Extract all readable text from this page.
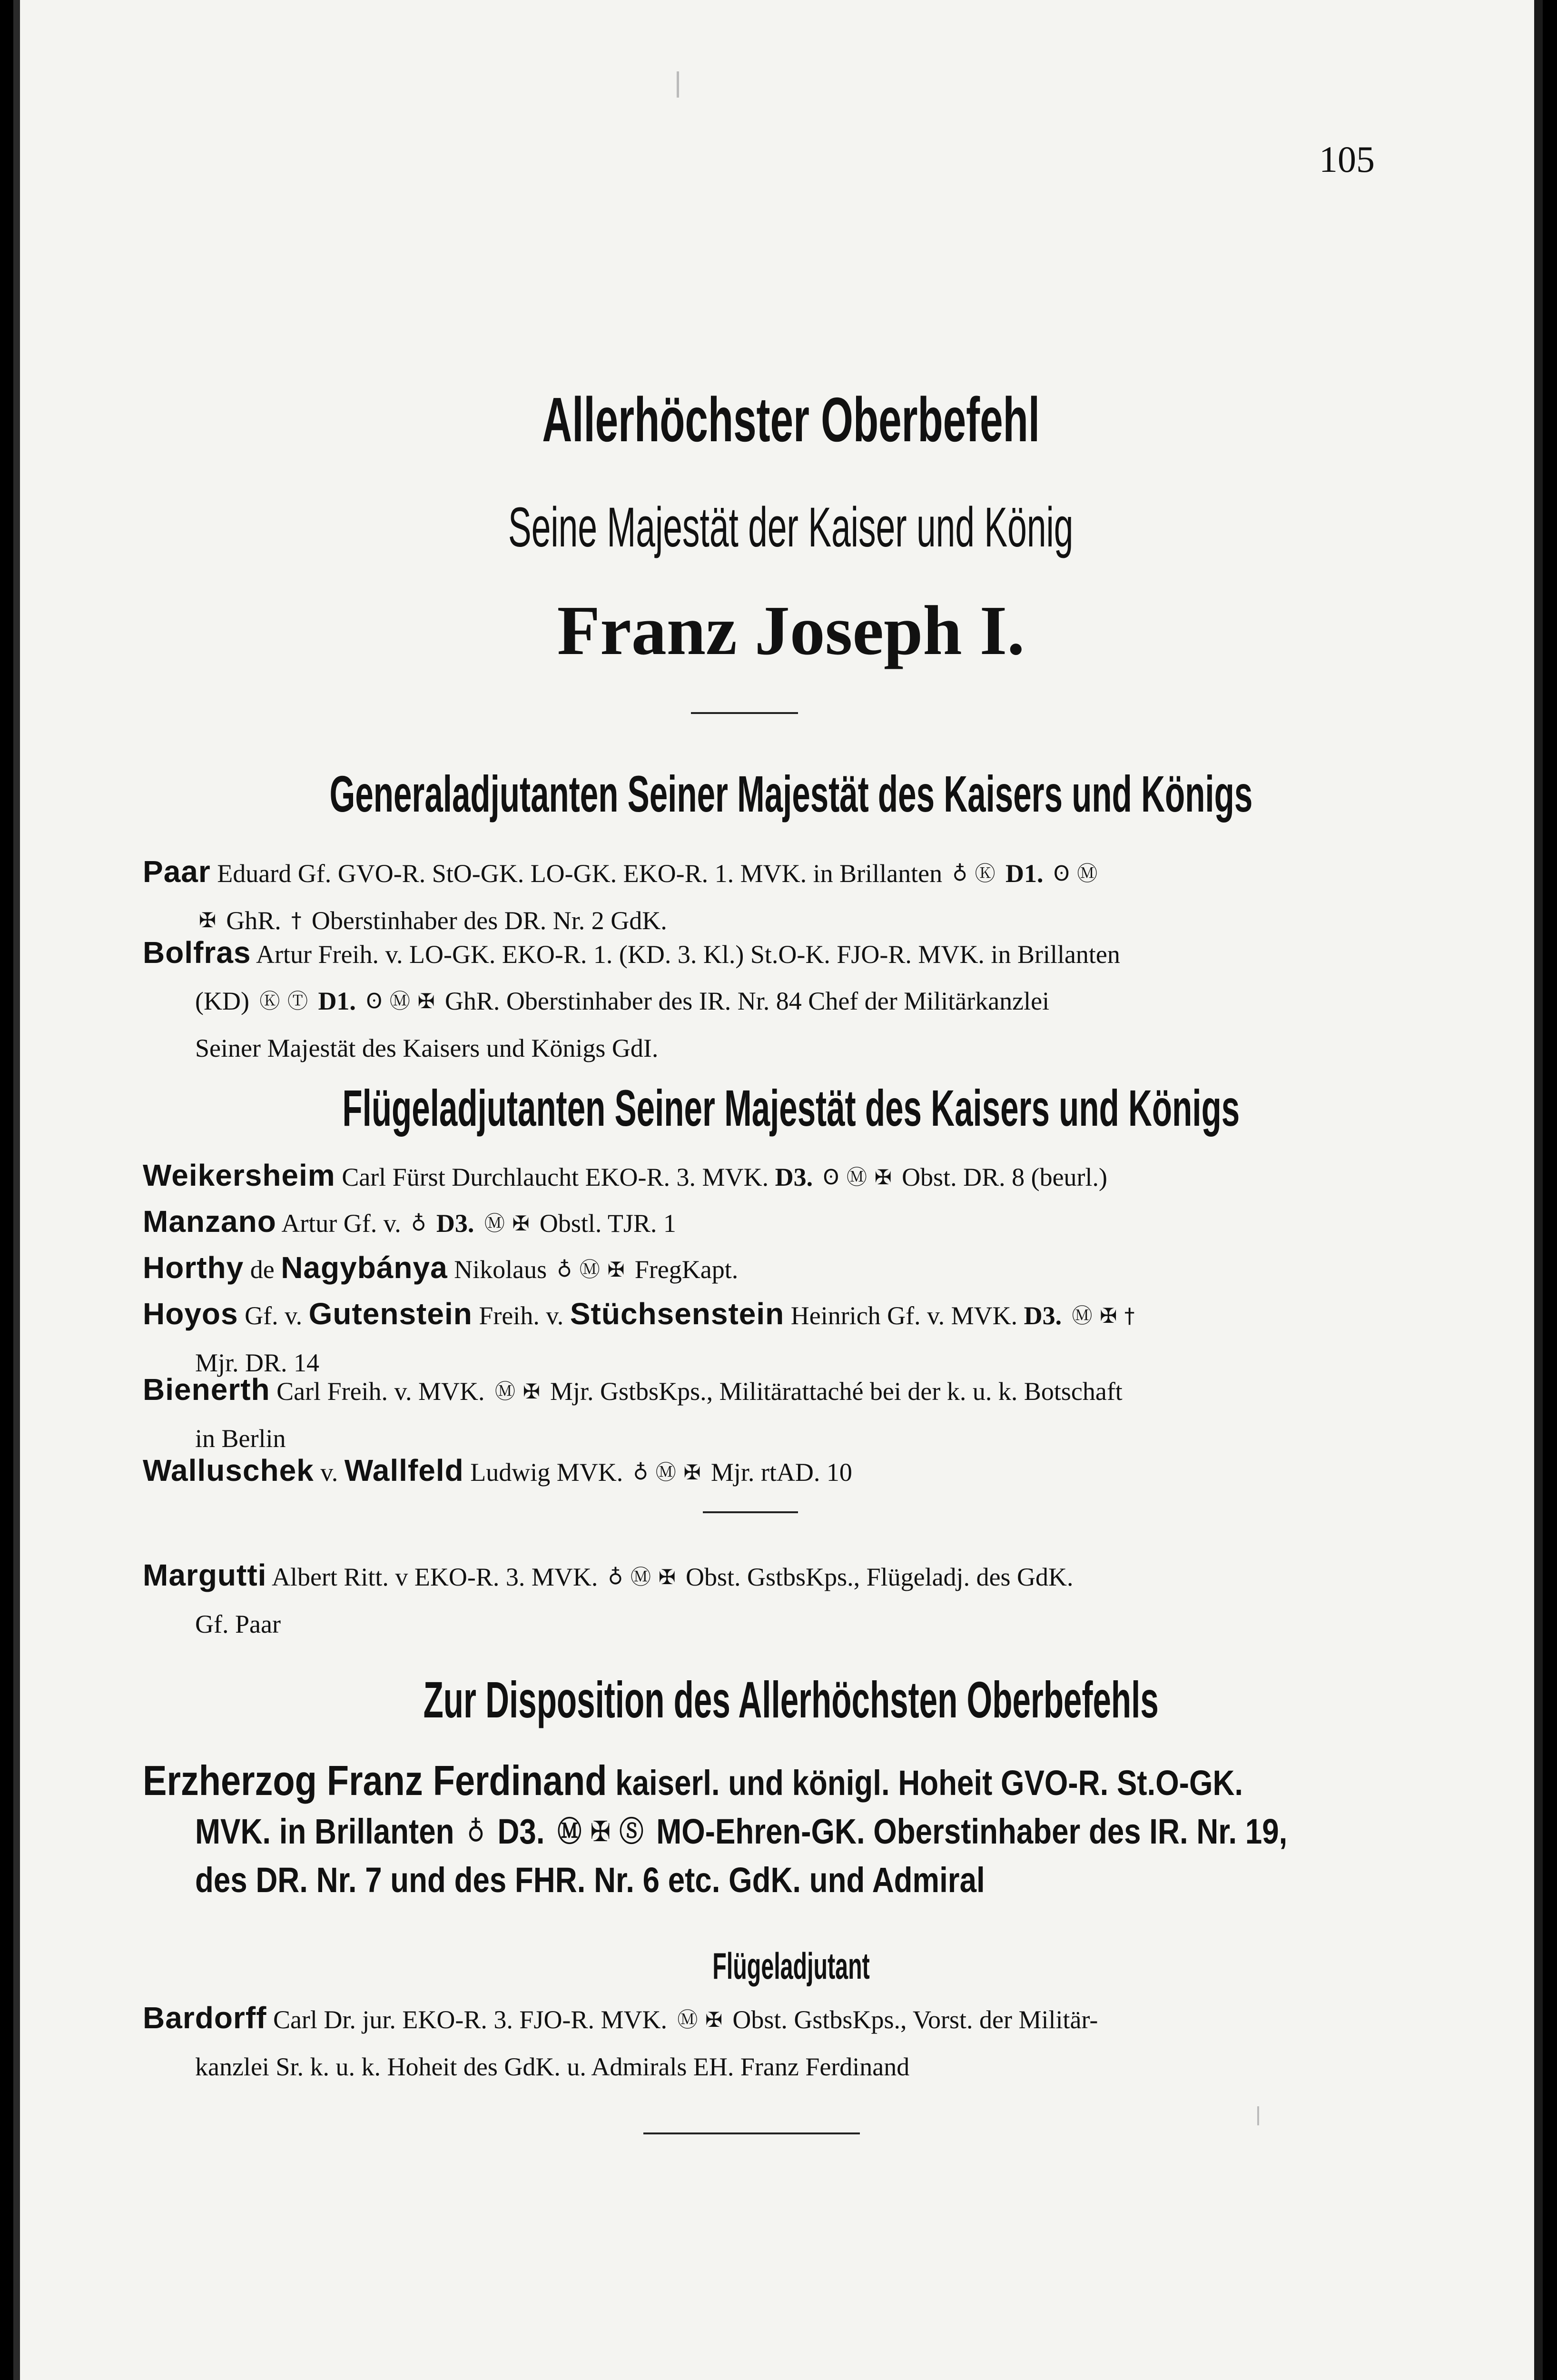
105
Allerhöchster Oberbefehl
Seine Majestät der Kaiser und König
Franz Joseph I.
Generaladjutanten Seiner Majestät des Kaisers und Königs

Paar Eduard Gf. GVO-R. StO-GK. LO-GK. EKO-R. 1. MVK. in Brillanten ♁ Ⓚ D1. ʘ Ⓜ

✠ GhR. † Oberstinhaber des DR. Nr. 2 GdK.

Bolfras Artur Freih. v. LO-GK. EKO-R. 1. (KD. 3. Kl.) St.O-K. FJO-R. MVK. in Brillanten

(KD) Ⓚ Ⓣ D1. ʘ Ⓜ ✠ GhR. Oberstinhaber des IR. Nr. 84 Chef der Militärkanzlei

Seiner Majestät des Kaisers und Königs GdI.

Flügeladjutanten Seiner Majestät des Kaisers und Königs

Weikersheim Carl Fürst Durchlaucht EKO-R. 3. MVK. D3. ʘ Ⓜ ✠ Obst. DR. 8 (beurl.)

Manzano Artur Gf. v. ♁ D3. Ⓜ ✠ Obstl. TJR. 1

Horthy de Nagybánya Nikolaus ♁ Ⓜ ✠ FregKapt.

Hoyos Gf. v. Gutenstein Freih. v. Stüchsenstein Heinrich Gf. v. MVK. D3. Ⓜ ✠ †

Mjr. DR. 14

Bienerth Carl Freih. v. MVK. Ⓜ ✠ Mjr. GstbsKps., Militärattaché bei der k. u. k. Botschaft

in Berlin

Walluschek v. Wallfeld Ludwig MVK. ♁ Ⓜ ✠ Mjr. rtAD. 10

Margutti Albert Ritt. v EKO-R. 3. MVK. ♁ Ⓜ ✠ Obst. GstbsKps., Flügeladj. des GdK.

Gf. Paar

Zur Disposition des Allerhöchsten Oberbefehls

Erzherzog Franz Ferdinand kaiserl. und königl. Hoheit GVO-R. St.O-GK.

MVK. in Brillanten ♁ D3. Ⓜ ✠ Ⓢ MO-Ehren-GK. Oberstinhaber des IR. Nr. 19,

des DR. Nr. 7 und des FHR. Nr. 6 etc. GdK. und Admiral

Flügeladjutant

Bardorff Carl Dr. jur. EKO-R. 3. FJO-R. MVK. Ⓜ ✠ Obst. GstbsKps., Vorst. der Militär-

kanzlei Sr. k. u. k. Hoheit des GdK. u. Admirals EH. Franz Ferdinand
